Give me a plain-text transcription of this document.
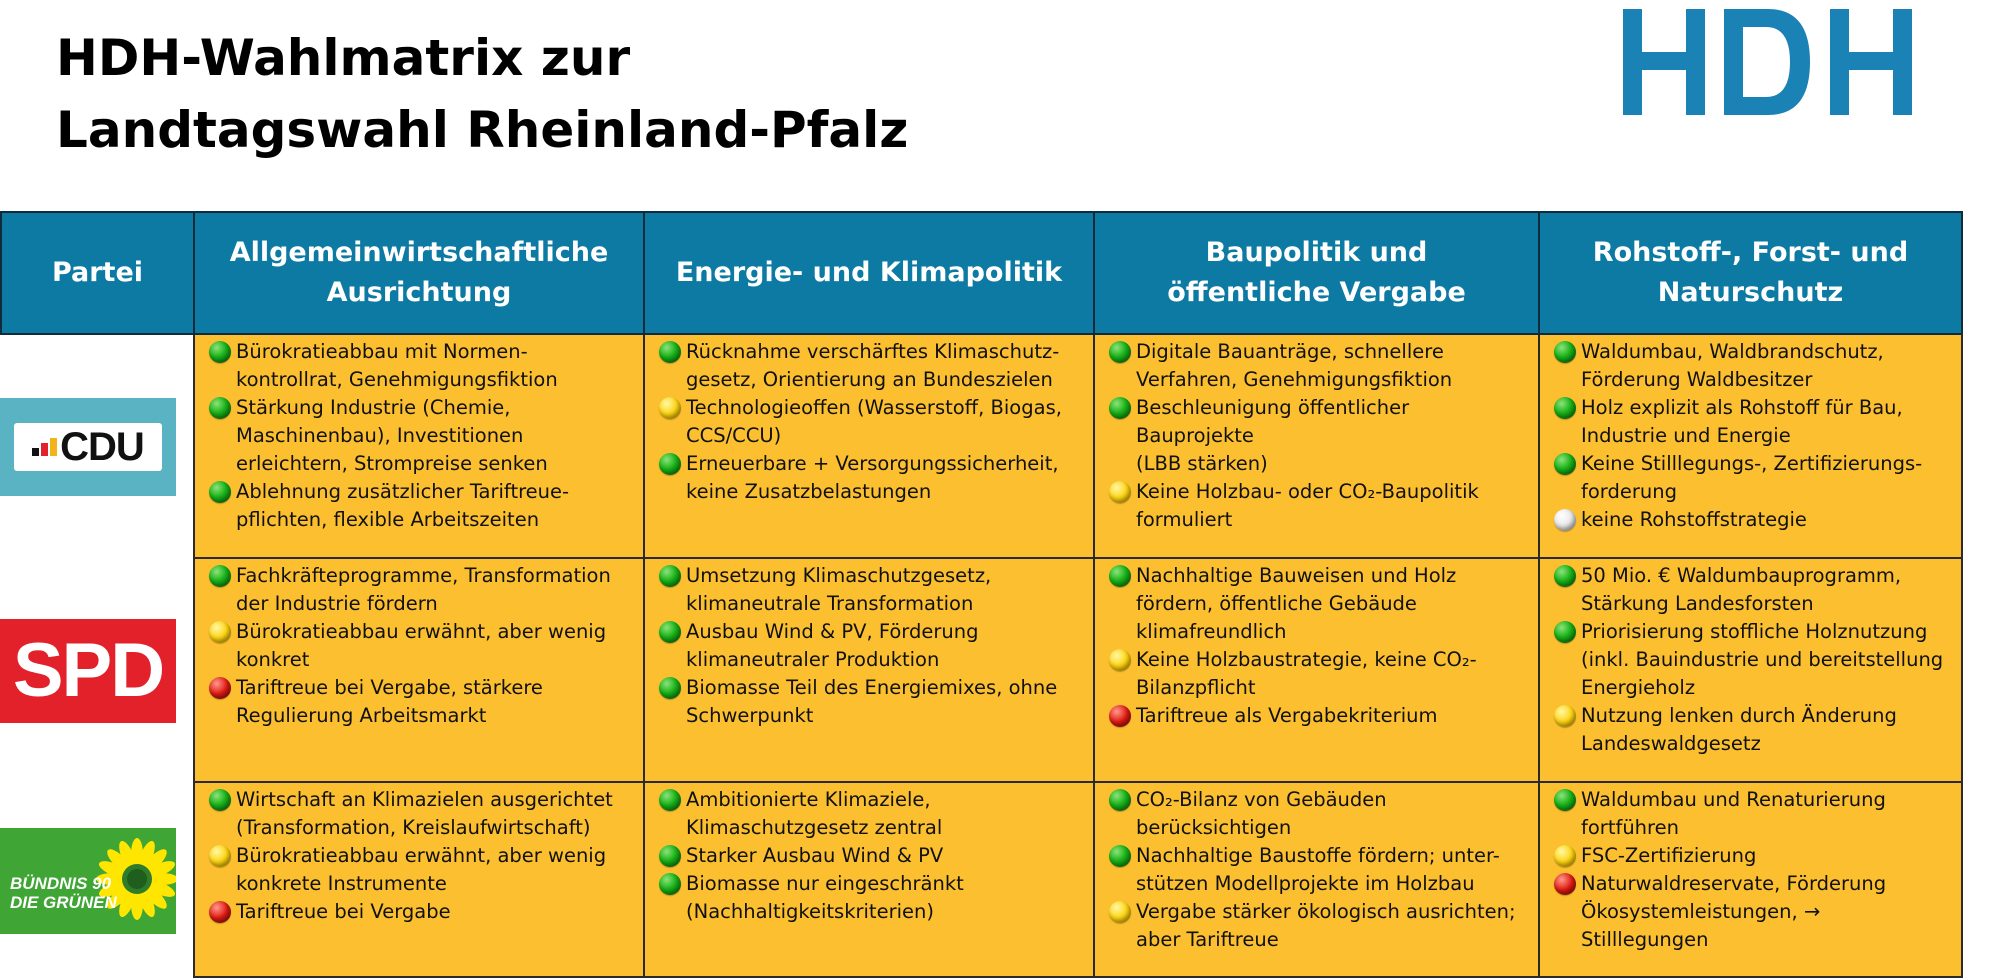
HDH-Wahlmatrix zur
Landtagswahl Rheinland-Pfalz
Partei
Allgemeinwirtschaftliche
Ausrichtung
Energie- und Klimapolitik
Baupolitik und
öffentliche Vergabe
Rohstoff-, Forst- und
Naturschutz
CDU
Bürokratieabbau mit Normen-
kontrollrat, Genehmigungsfiktion
Stärkung Industrie (Chemie,
Maschinenbau), Investitionen
erleichtern, Strompreise senken
Ablehnung zusätzlicher Tariftreue-
pflichten, flexible Arbeitszeiten
Rücknahme verschärftes Klimaschutz-
gesetz, Orientierung an Bundeszielen
Technologieoffen (Wasserstoff, Biogas,
CCS/CCU)
Erneuerbare + Versorgungssicherheit,
keine Zusatzbelastungen
Digitale Bauanträge, schnellere
Verfahren, Genehmigungsfiktion
Beschleunigung öffentlicher Bauprojekte
(LBB stärken)
Keine Holzbau- oder CO₂-Baupolitik
formuliert
Waldumbau, Waldbrandschutz,
Förderung Waldbesitzer
Holz explizit als Rohstoff für Bau,
Industrie und Energie
Keine Stilllegungs-, Zertifizierungs-
forderung
keine Rohstoffstrategie
SPD
Fachkräfteprogramme, Transformation
der Industrie fördern
Bürokratieabbau erwähnt, aber wenig
konkret
Tariftreue bei Vergabe, stärkere
Regulierung Arbeitsmarkt
Umsetzung Klimaschutzgesetz,
klimaneutrale Transformation
Ausbau Wind & PV, Förderung
klimaneutraler Produktion
Biomasse Teil des Energiemixes, ohne
Schwerpunkt
Nachhaltige Bauweisen und Holz
fördern, öffentliche Gebäude
klimafreundlich
Keine Holzbaustrategie, keine CO₂-
Bilanzpflicht
Tariftreue als Vergabekriterium
50 Mio. € Waldumbauprogramm,
Stärkung Landesforsten
Priorisierung stoffliche Holznutzung
(inkl. Bauindustrie und bereitstellung
Energieholz
Nutzung lenken durch Änderung
Landeswaldgesetz
BÜNDNIS 90
DIE GRÜNEN
Wirtschaft an Klimazielen ausgerichtet
(Transformation, Kreislaufwirtschaft)
Bürokratieabbau erwähnt, aber wenig
konkrete Instrumente
Tariftreue bei Vergabe
Ambitionierte Klimaziele,
Klimaschutzgesetz zentral
Starker Ausbau Wind & PV
Biomasse nur eingeschränkt
(Nachhaltigkeitskriterien)
CO₂-Bilanz von Gebäuden
berücksichtigen
Nachhaltige Baustoffe fördern; unter-
stützen Modellprojekte im Holzbau
Vergabe stärker ökologisch ausrichten;
aber Tariftreue
Waldumbau und Renaturierung
fortführen
FSC-Zertifizierung
Naturwaldreservate, Förderung
Ökosystemleistungen, →
Stilllegungen
